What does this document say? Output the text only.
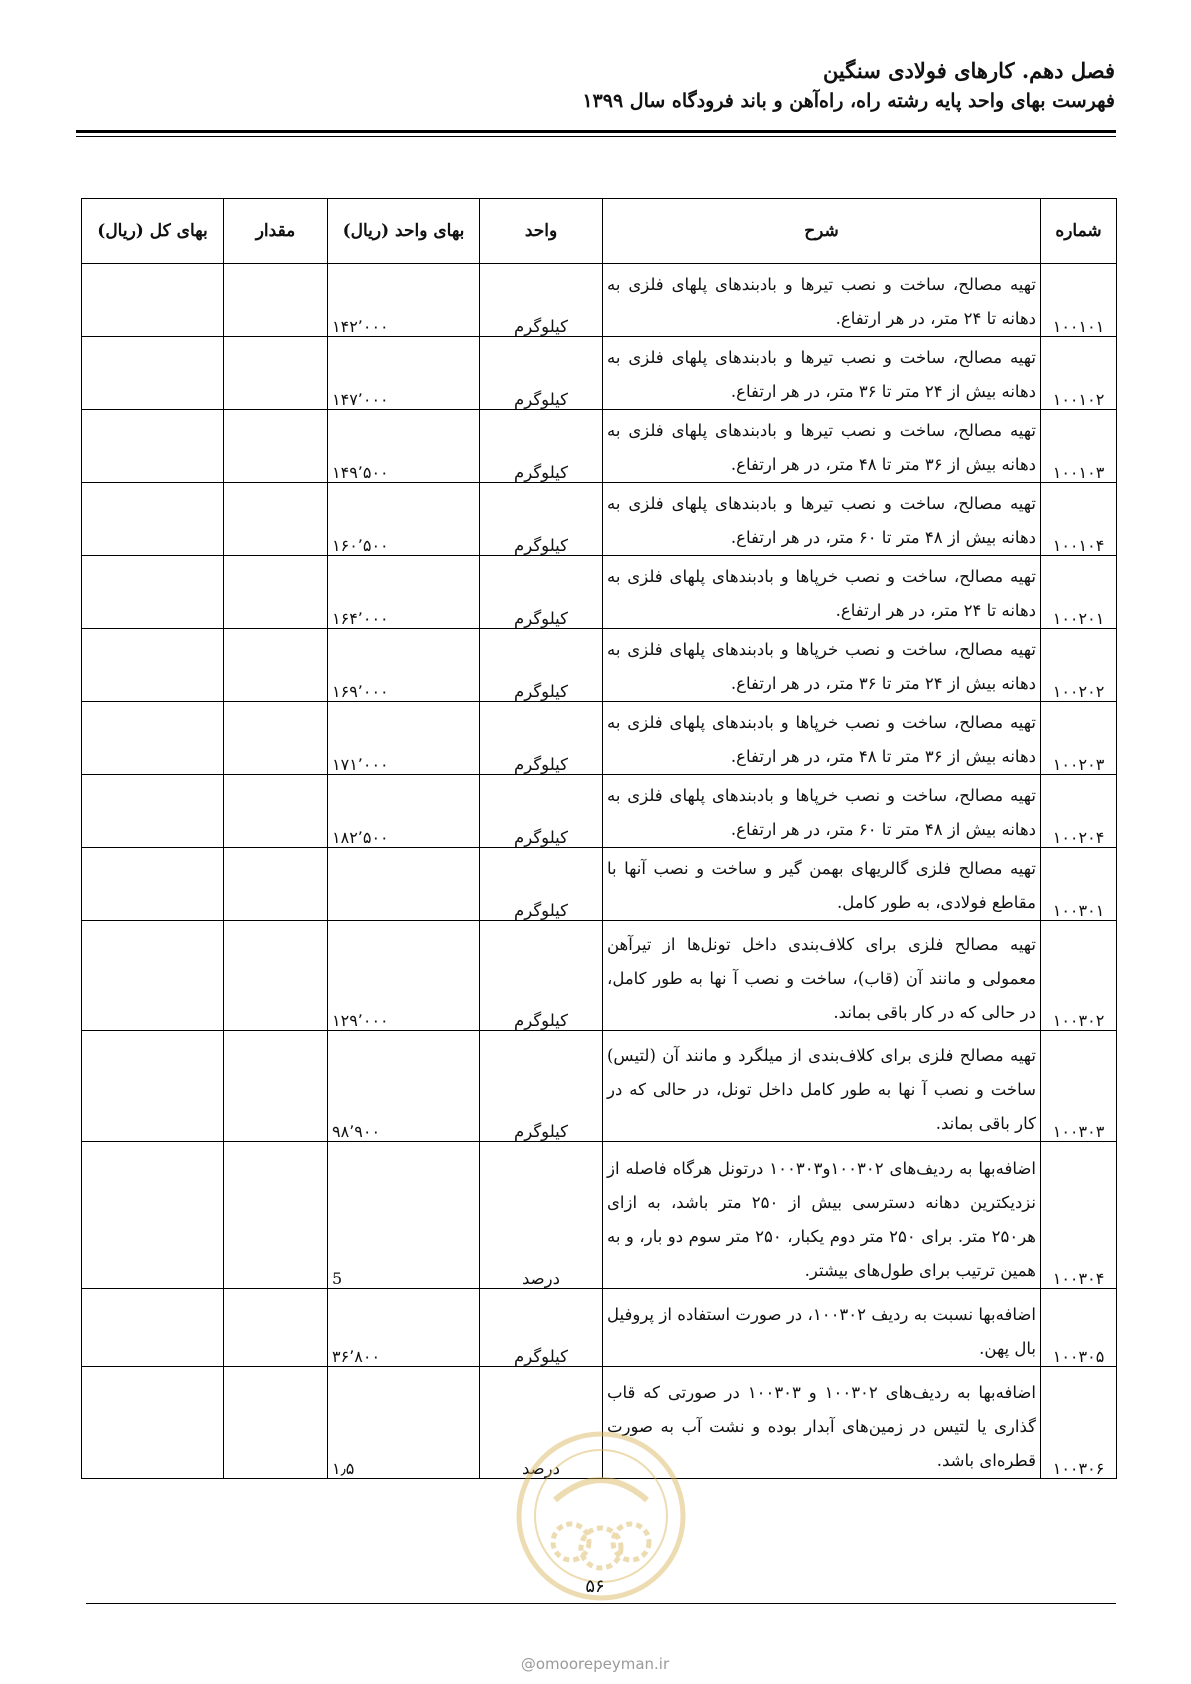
فصل دهم. کارهای فولادی سنگین
فهرست بهای واحد پایه رشته راه، راه‌آهن و باند فرودگاه سال ۱۳۹۹
شماره	شرح	واحد	بهای واحد (ریال)	مقدار	بهای کل (ریال)
۱۰۰۱۰۱	تهیه مصالح، ساخت و نصب تیرها و بادبندهای پلهای فلزی به دهانه تا ۲۴ متر، در هر ارتفاع.	کیلوگرم	۱۴۲٬۰۰۰		
۱۰۰۱۰۲	تهیه مصالح، ساخت و نصب تیرها و بادبندهای پلهای فلزی به دهانه بیش از ۲۴ متر تا ۳۶ متر، در هر ارتفاع.	کیلوگرم	۱۴۷٬۰۰۰		
۱۰۰۱۰۳	تهیه مصالح، ساخت و نصب تیرها و بادبندهای پلهای فلزی به دهانه بیش از ۳۶ متر تا ۴۸ متر، در هر ارتفاع.	کیلوگرم	۱۴۹٬۵۰۰		
۱۰۰۱۰۴	تهیه مصالح، ساخت و نصب تیرها و بادبندهای پلهای فلزی به دهانه بیش از ۴۸ متر تا ۶۰ متر، در هر ارتفاع.	کیلوگرم	۱۶۰٬۵۰۰		
۱۰۰۲۰۱	تهیه مصالح، ساخت و نصب خرپاها و بادبندهای پلهای فلزی به دهانه تا ۲۴ متر، در هر ارتفاع.	کیلوگرم	۱۶۴٬۰۰۰		
۱۰۰۲۰۲	تهیه مصالح، ساخت و نصب خرپاها و بادبندهای پلهای فلزی به دهانه بیش از ۲۴ متر تا ۳۶ متر، در هر ارتفاع.	کیلوگرم	۱۶۹٬۰۰۰		
۱۰۰۲۰۳	تهیه مصالح، ساخت و نصب خرپاها و بادبندهای پلهای فلزی به دهانه بیش از ۳۶ متر تا ۴۸ متر، در هر ارتفاع.	کیلوگرم	۱۷۱٬۰۰۰		
۱۰۰۲۰۴	تهیه مصالح، ساخت و نصب خرپاها و بادبندهای پلهای فلزی به دهانه بیش از ۴۸ متر تا ۶۰ متر، در هر ارتفاع.	کیلوگرم	۱۸۲٬۵۰۰		
۱۰۰۳۰۱	تهیه مصالح فلزی گالریهای بهمن گیر و ساخت و نصب آنها با مقاطع فولادی، به طور کامل.	کیلوگرم			
۱۰۰۳۰۲	تهیه مصالح فلزی برای کلاف‌بندی داخل تونل‌ها از تیرآهن معمولی و مانند آن (قاب)، ساخت و نصب آ نها به طور کامل، در حالی که در کار باقی بماند.	کیلوگرم	۱۲۹٬۰۰۰		
۱۰۰۳۰۳	تهیه مصالح فلزی برای کلاف‌بندی از میلگرد و مانند آن (لتیس) ساخت و نصب آ نها به طور کامل داخل تونل، در حالی که در کار باقی بماند.	کیلوگرم	۹۸٬۹۰۰		
۱۰۰۳۰۴	اضافه‌بها به ردیف‌های ۱۰۰۳۰۲و۱۰۰۳۰۳ درتونل هرگاه فاصله از نزدیکترین دهانه دسترسی بیش از ۲۵۰ متر باشد، به ازای هر۲۵۰ متر. برای ۲۵۰ متر دوم یکبار، ۲۵۰ متر سوم دو بار، و به همین ترتیب برای طول‌های بیشتر.	درصد	5		
۱۰۰۳۰۵	اضافه‌بها نسبت به ردیف ۱۰۰۳۰۲، در صورت استفاده از پروفیل بال پهن.	کیلوگرم	۳۶٬۸۰۰		
۱۰۰۳۰۶	اضافه‌بها به ردیف‌های ۱۰۰۳۰۲ و ۱۰۰۳۰۳ در صورتی که قاب گذاری یا لتیس در زمین‌های آبدار بوده و نشت آب به صورت قطره‌ای باشد.	درصد	۱٫۵		
۵۶
@omoorepeyman.ir
